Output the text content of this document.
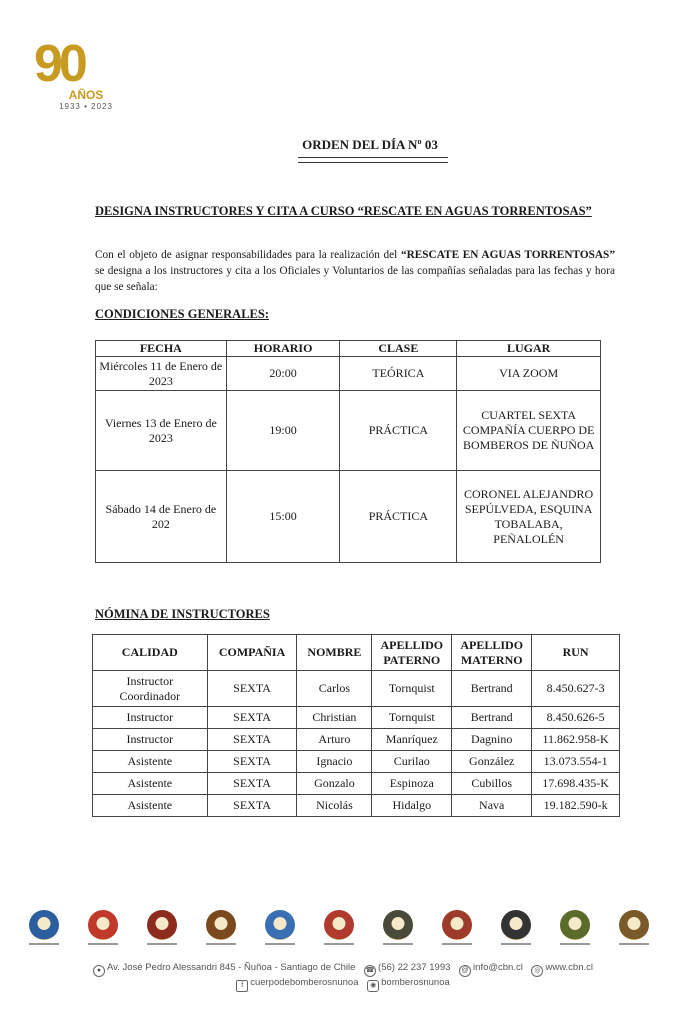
90
AÑOS
1933 • 2023
ORDEN DEL DÍA Nº 03
DESIGNA INSTRUCTORES Y CITA A CURSO “RESCATE EN AGUAS TORRENTOSAS”
Con el objeto de asignar responsabilidades para la realización del “RESCATE EN AGUAS TORRENTOSAS” se designa a los instructores y cita a los Oficiales y Voluntarios de las compañías señaladas para las fechas y hora que se señala:
CONDICIONES GENERALES:
FECHA	HORARIO	CLASE	LUGAR
Miércoles 11 de Enero de 2023	20:00	TEÓRICA	VIA ZOOM
Viernes 13 de Enero de 2023	19:00	PRÁCTICA	CUARTEL SEXTA COMPAÑÍA CUERPO DE BOMBEROS DE ÑUÑOA
Sábado 14 de Enero de 202	15:00	PRÁCTICA	CORONEL ALEJANDRO SEPÚLVEDA, ESQUINA TOBALABA, PEÑALOLÉN
NÓMINA DE INSTRUCTORES
CALIDAD	COMPAÑIA	NOMBRE	APELLIDO PATERNO	APELLIDO MATERNO	RUN
Instructor Coordinador	SEXTA	Carlos	Tornquist	Bertrand	8.450.627-3
Instructor	SEXTA	Christian	Tornquist	Bertrand	8.450.626-5
Instructor	SEXTA	Arturo	Manríquez	Dagnino	11.862.958-K
Asistente	SEXTA	Ignacio	Curilao	González	13.073.554-1
Asistente	SEXTA	Gonzalo	Espinoza	Cubillos	17.698.435-K
Asistente	SEXTA	Nicolás	Hidalgo	Nava	19.182.590-k
● Av. José Pedro Alessandri 845 - Ñuñoa - Santiago de Chile ☎ (56) 22 237 1993 @ info@cbn.cl ◎ www.cbn.cl
f cuerpodebomberosnunoa ◉ bomberosnunoa
